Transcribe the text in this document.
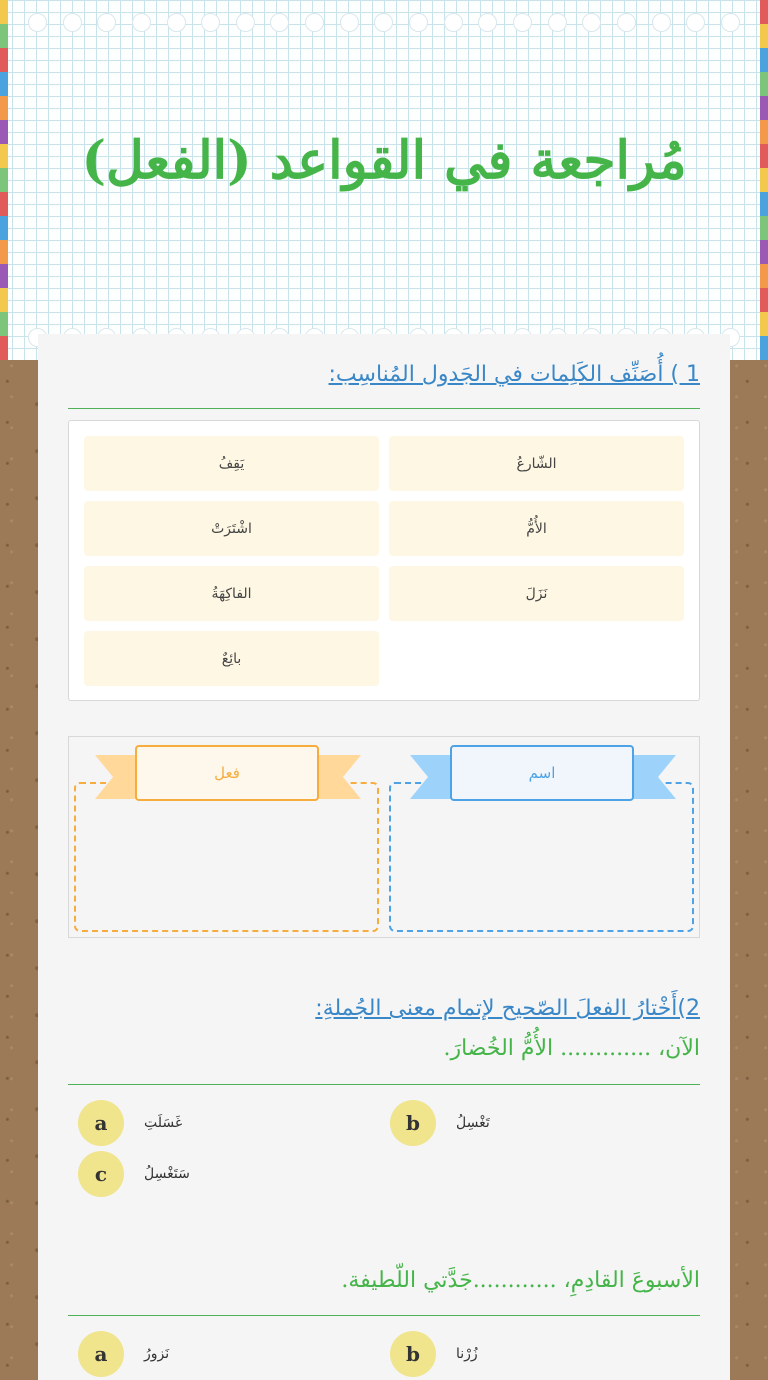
مُراجعة في القواعد (الفعل)
1 ) أُصَنِّف الكَلِمات في الجَدول المُناسِب:
الشّارعُ
يَقِفُ
الأُمُّ
اشْتَرَتْ
نَزَلَ
الفاكِهَةُ
بائِعٌ
اسم
فعل
2)أَخْتارُ الفعلَ الصّحيح لإتمام معنى الجُملةِ:
الآن، ............. الأُمُّ الخُضارَ.
a	غَسَلَتِ	b	تَغْسِلُ
c	سَتَغْسِلُ
الأسبوعَ القادِمِ، ............جَدَّتي اللّطيفة.
a	نَزورُ	b	زُرْنا
